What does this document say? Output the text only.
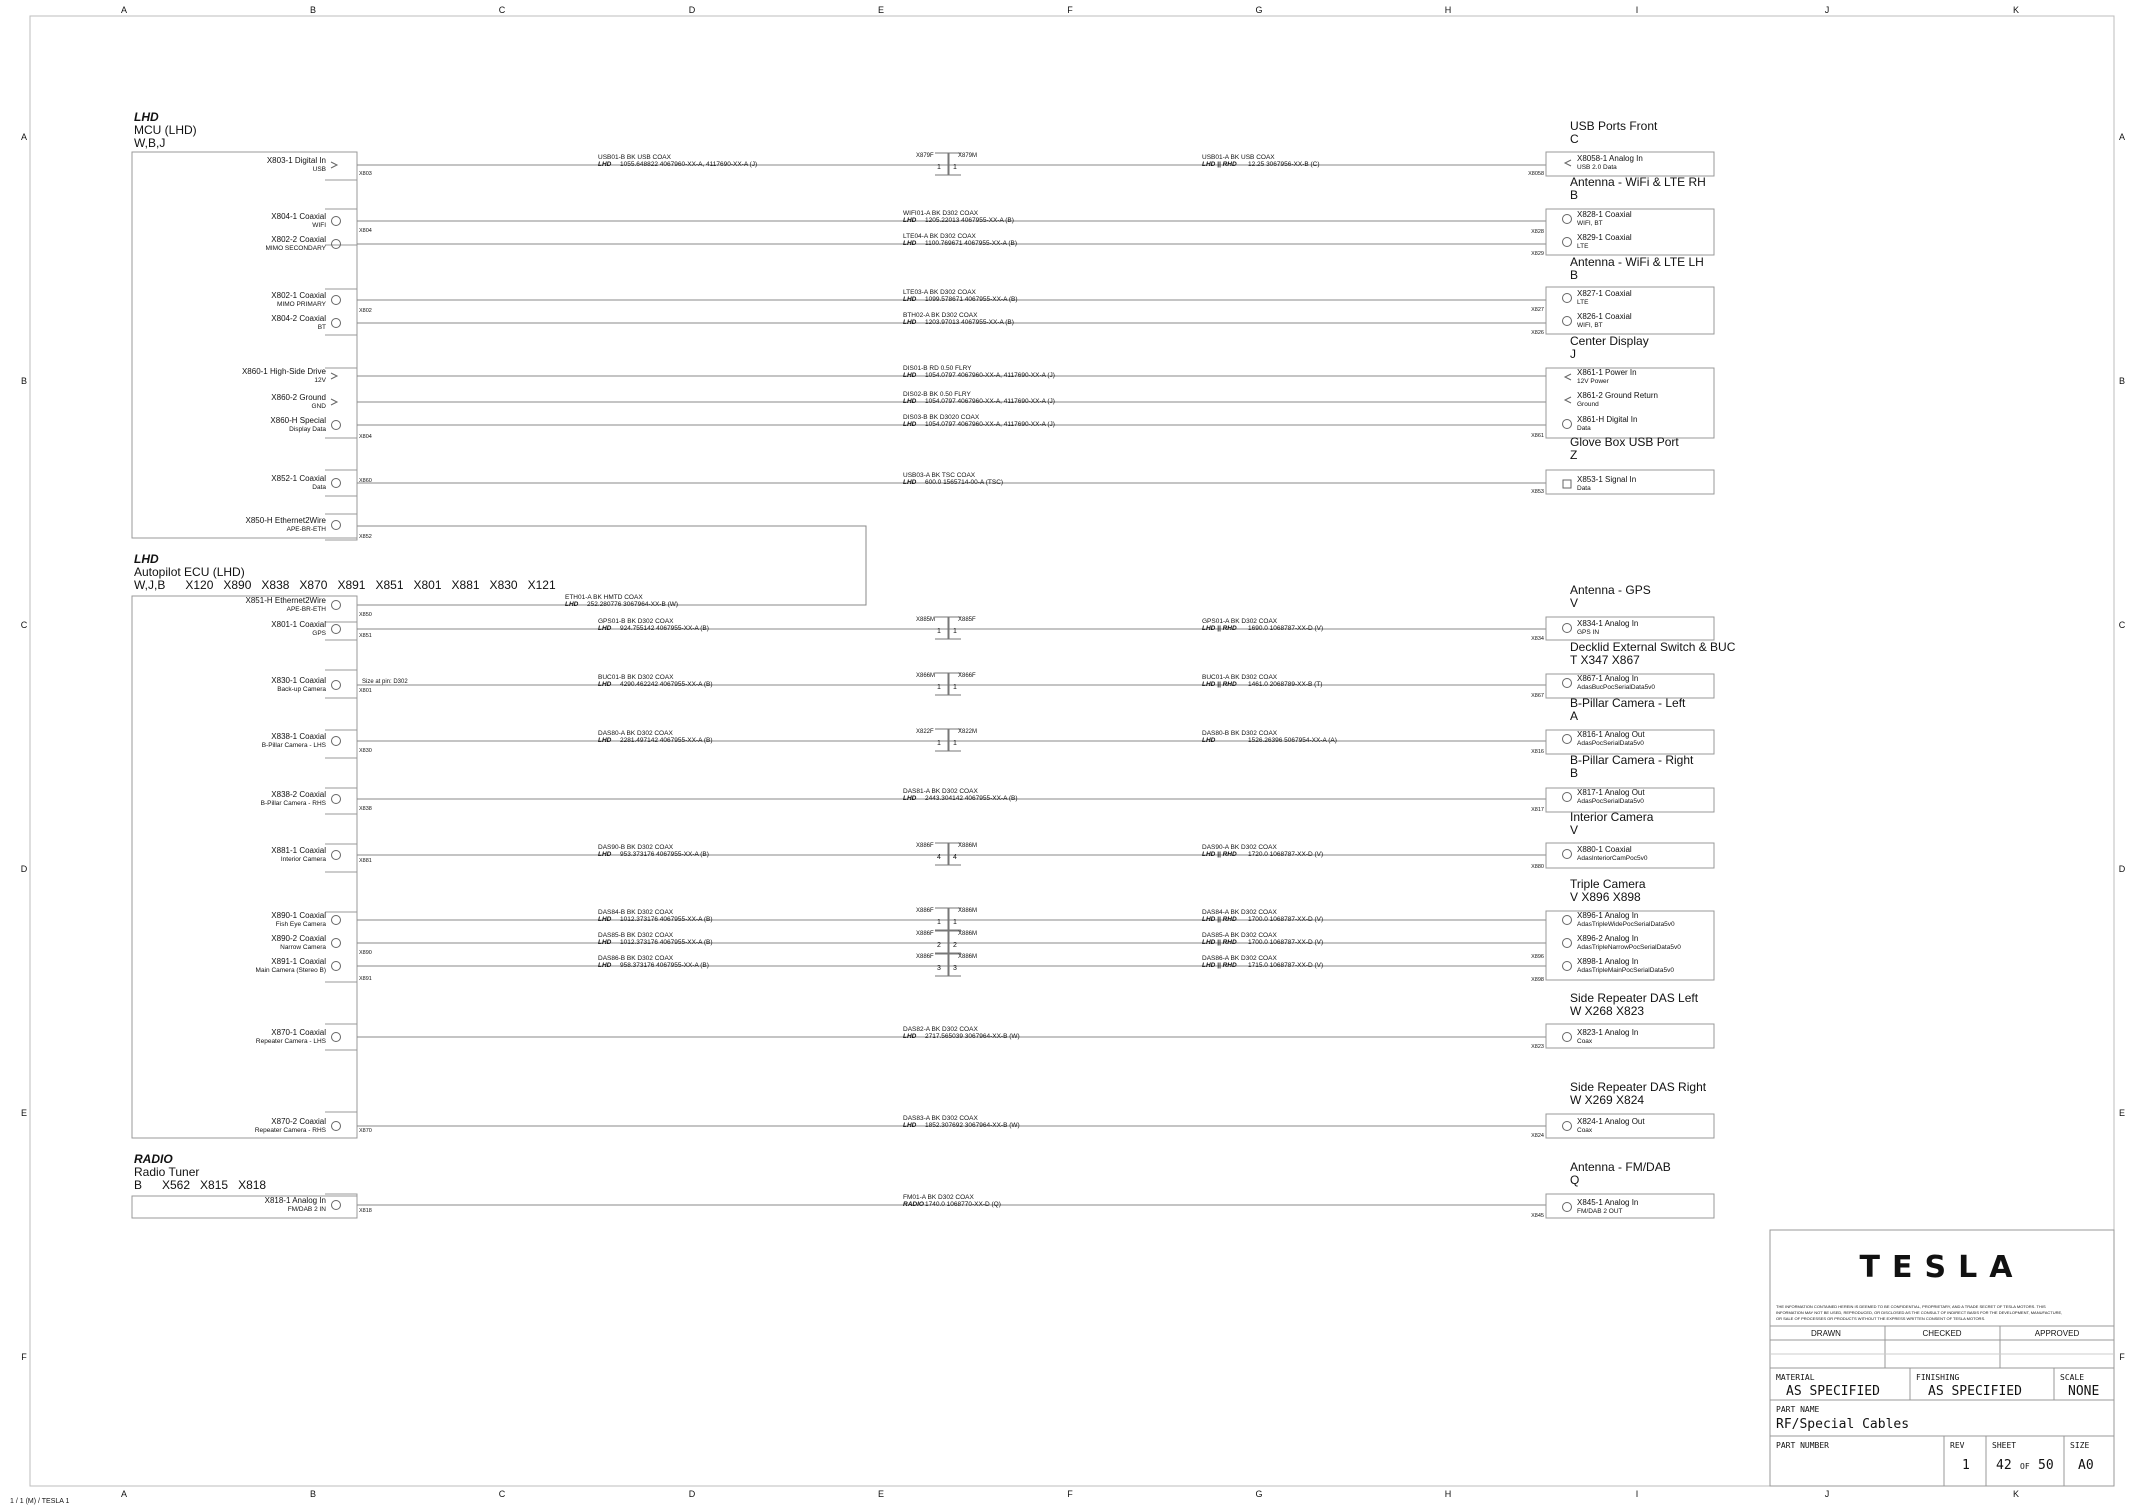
A	B	C	D	E	F	G	H	I	J	K
A	B	C	D	E	F	G	H	I	J	K
A
B
C
D
E
F
A
B
C
D
E
F
LHD
MCU (LHD)
W,B,J
LHD
Autopilot ECU (LHD)
W,J,B      X120   X890   X838   X870   X891   X851   X801   X881   X830   X121
RADIO
Radio Tuner
B      X562   X815   X818
X803-1 Digital In
USB
X804-1 Coaxial
WIFI
X802-2 Coaxial
MIMO SECONDARY
X802-1 Coaxial
MIMO PRIMARY
X804-2 Coaxial
BT
X860-1 High-Side Drive
12V
X860-2 Ground
GND
X860-H Special
Display Data
X852-1 Coaxial
Data
X850-H Ethernet2Wire
APE-BR-ETH
X851-H Ethernet2Wire
APE-BR-ETH
X801-1 Coaxial
GPS
X830-1 Coaxial
Back-up Camera
X838-1 Coaxial
B-Pillar Camera - LHS
X838-2 Coaxial
B-Pillar Camera - RHS
X881-1 Coaxial
Interior Camera
X890-1 Coaxial
Fish Eye Camera
X890-2 Coaxial
Narrow Camera
X891-1 Coaxial
Main Camera (Stereo B)
X870-1 Coaxial
Repeater Camera - LHS
X870-2 Coaxial
Repeater Camera - RHS
X818-1 Analog In
FM/DAB 2 IN
X803
X804
X802
X804
X860
X852
X850
X851
X801
X830
X838
X881
X890
X891
X870
X818
USB01-B BK USB COAX
LHD 1055.648822 4067960-XX-A, 4117690-XX-A (J)
WIFI01-A BK D302 COAX
LHD 1205.22013 4067955-XX-A (B)
LTE04-A BK D302 COAX
LHD 1100.769671 4067955-XX-A (B)
LTE03-A BK D302 COAX
LHD 1099.578671 4067955-XX-A (B)
BTH02-A BK D302 COAX
LHD 1203.97013 4067955-XX-A (B)
DIS01-B RD 0.50 FLRY
LHD 1054.0797 4067960-XX-A, 4117690-XX-A (J)
DIS02-B BK 0.50 FLRY
LHD 1054.0797 4067960-XX-A, 4117690-XX-A (J)
DIS03-B BK D3020 COAX
LHD 1054.0797 4067960-XX-A, 4117690-XX-A (J)
USB03-A BK TSC COAX
LHD 600.0 1565714-00-A (TSC)
ETH01-A BK HMTD COAX
LHD 252.280776 3067964-XX-B (W)
GPS01-B BK D302 COAX
LHD 924.755142 4067955-XX-A (B)
BUC01-B BK D302 COAX
LHD 4290.462242 4067955-XX-A (B)
DAS80-A BK D302 COAX
LHD 2281.497142 4067955-XX-A (B)
DAS81-A BK D302 COAX
LHD 2443.304142 4067955-XX-A (B)
DAS90-B BK D302 COAX
LHD 953.373176 4067955-XX-A (B)
DAS84-B BK D302 COAX
LHD 1012.373176 4067955-XX-A (B)
DAS85-B BK D302 COAX
LHD 1012.373176 4067955-XX-A (B)
DAS86-B BK D302 COAX
LHD 958.373176 4067955-XX-A (B)
DAS82-A BK D302 COAX
LHD 2717.565039 3067964-XX-B (W)
DAS83-A BK D302 COAX
LHD 1852.307692 3067964-XX-B (W)
FM01-A BK D302 COAX
RADIO 1740.0 1068770-XX-D (Q)
USB01-A BK USB COAX
LHD || RHD 12.25 3067956-XX-B (C)
GPS01-A BK D302 COAX
LHD || RHD 1690.0 1068787-XX-D (V)
BUC01-A BK D302 COAX
LHD || RHD 1461.0 2068789-XX-B (T)
DAS80-B BK D302 COAX
LHD	1526.26396 5067954-XX-A (A)
DAS90-A BK D302 COAX
LHD || RHD 1720.0 1068787-XX-D (V)
DAS84-A BK D302 COAX
LHD || RHD 1700.0 1068787-XX-D (V)
DAS85-A BK D302 COAX
LHD || RHD 1700.0 1068787-XX-D (V)
DAS86-A BK D302 COAX
LHD || RHD 1715.0 1068787-XX-D (V)
X879F	X879M
1 1
X885M	X885F
1 1
X866M	X866F
1 1
X822F	X822M
1 1
X886F	X886M
4 4
X886F	X886M
1 1
X886F	X886M
2 2
X886F	X886M
3 3
USB Ports Front
C
Antenna - WiFi & LTE RH
B
Antenna - WiFi & LTE LH
B
Center Display
J
Glove Box USB Port
Z
Antenna - GPS
V
Decklid External Switch & BUC
T X347 X867
B-Pillar Camera - Left
A
B-Pillar Camera - Right
B
Interior Camera
V
Triple Camera
V X896 X898
Side Repeater DAS Left
W X268 X823
Side Repeater DAS Right
W X269 X824
Antenna - FM/DAB
Q
X8058-1 Analog In
USB 2.0 Data
X828-1 Coaxial
WIFI, BT
X829-1 Coaxial
LTE
X827-1 Coaxial
LTE
X826-1 Coaxial
WIFI, BT
X861-1 Power In
12V Power
X861-2 Ground Return
Ground
X861-H Digital In
Data
X853-1 Signal In
Data
X834-1 Analog In
GPS IN
X867-1 Analog In
AdasBucPocSerialData5v0
X816-1 Analog Out
AdasPocSerialData5v0
X817-1 Analog Out
AdasPocSerialData5v0
X880-1 Coaxial
AdasInteriorCamPoc5v0
X896-1 Analog In
AdasTripleWidePocSerialData5v0
X896-2 Analog In
AdasTripleNarrowPocSerialData5v0
X898-1 Analog In
AdasTripleMainPocSerialData5v0
X823-1 Analog In
Coax
X824-1 Analog Out
Coax
X845-1 Analog In
FM/DAB 2 OUT
X8058
X828
X829
X827
X826
X861
X853
X834
X867
X816
X817
X880
X896
X898
X823
X824
X845
Size at pin: D302
TESLA
THE INFORMATION CONTAINED HEREIN IS DEEMED TO BE CONFIDENTIAL, PROPRIETARY, AND A TRADE SECRET OF TESLA MOTORS. THIS
INFORMATION MAY NOT BE USED, REPRODUCED, OR DISCLOSED AS THE CONSULT OF INDIRECT BASIS FOR THE DEVELOPMENT, MANUFACTURE,
OR SALE OF PROCESSES OR PRODUCTS WITHOUT THE EXPRESS WRITTEN CONSENT OF TESLA MOTORS.
DRAWN	CHECKED	APPROVED
MATERIAL
AS SPECIFIED
FINISHING
AS SPECIFIED
SCALE
NONE
PART NAME
RF/Special Cables
PART NUMBER	REV
1
SHEET
42 OF 50
SIZE
A0
1 / 1 (M) / TESLA 1
